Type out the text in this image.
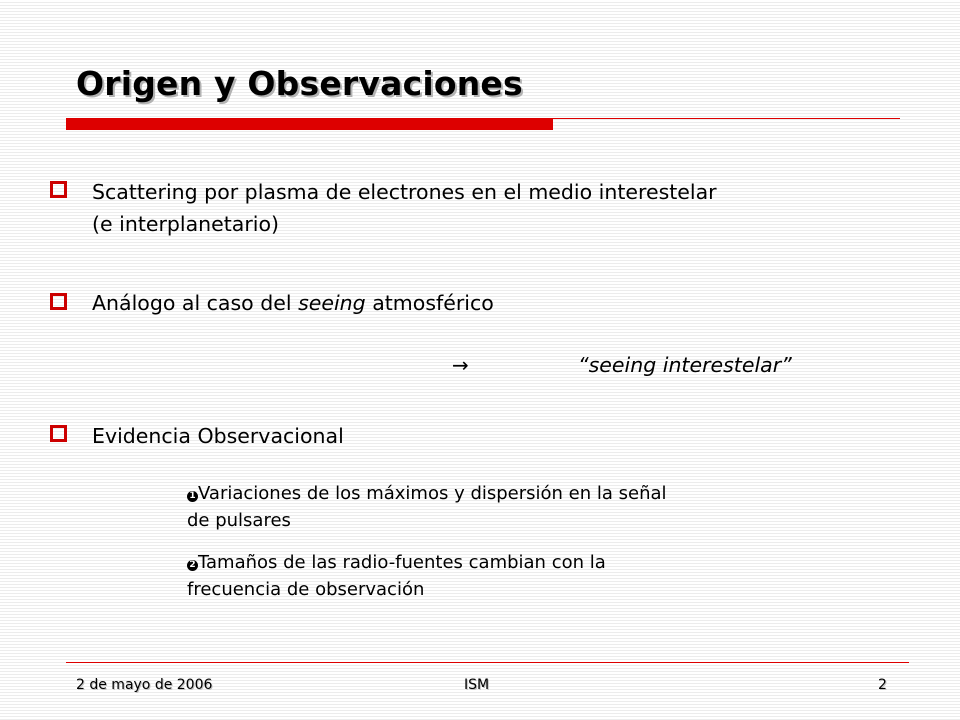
Origen y Observaciones
Scattering por plasma de electrones en el medio interestelar
(e interplanetario)
Análogo al caso del seeing atmosférico
→	“seeing interestelar”
Evidencia Observacional
1 Variaciones de los máximos y dispersión en la señal
de pulsares
2 Tamaños de las radio-fuentes cambian con la
frecuencia de observación
2 de mayo de 2006	ISM	2
